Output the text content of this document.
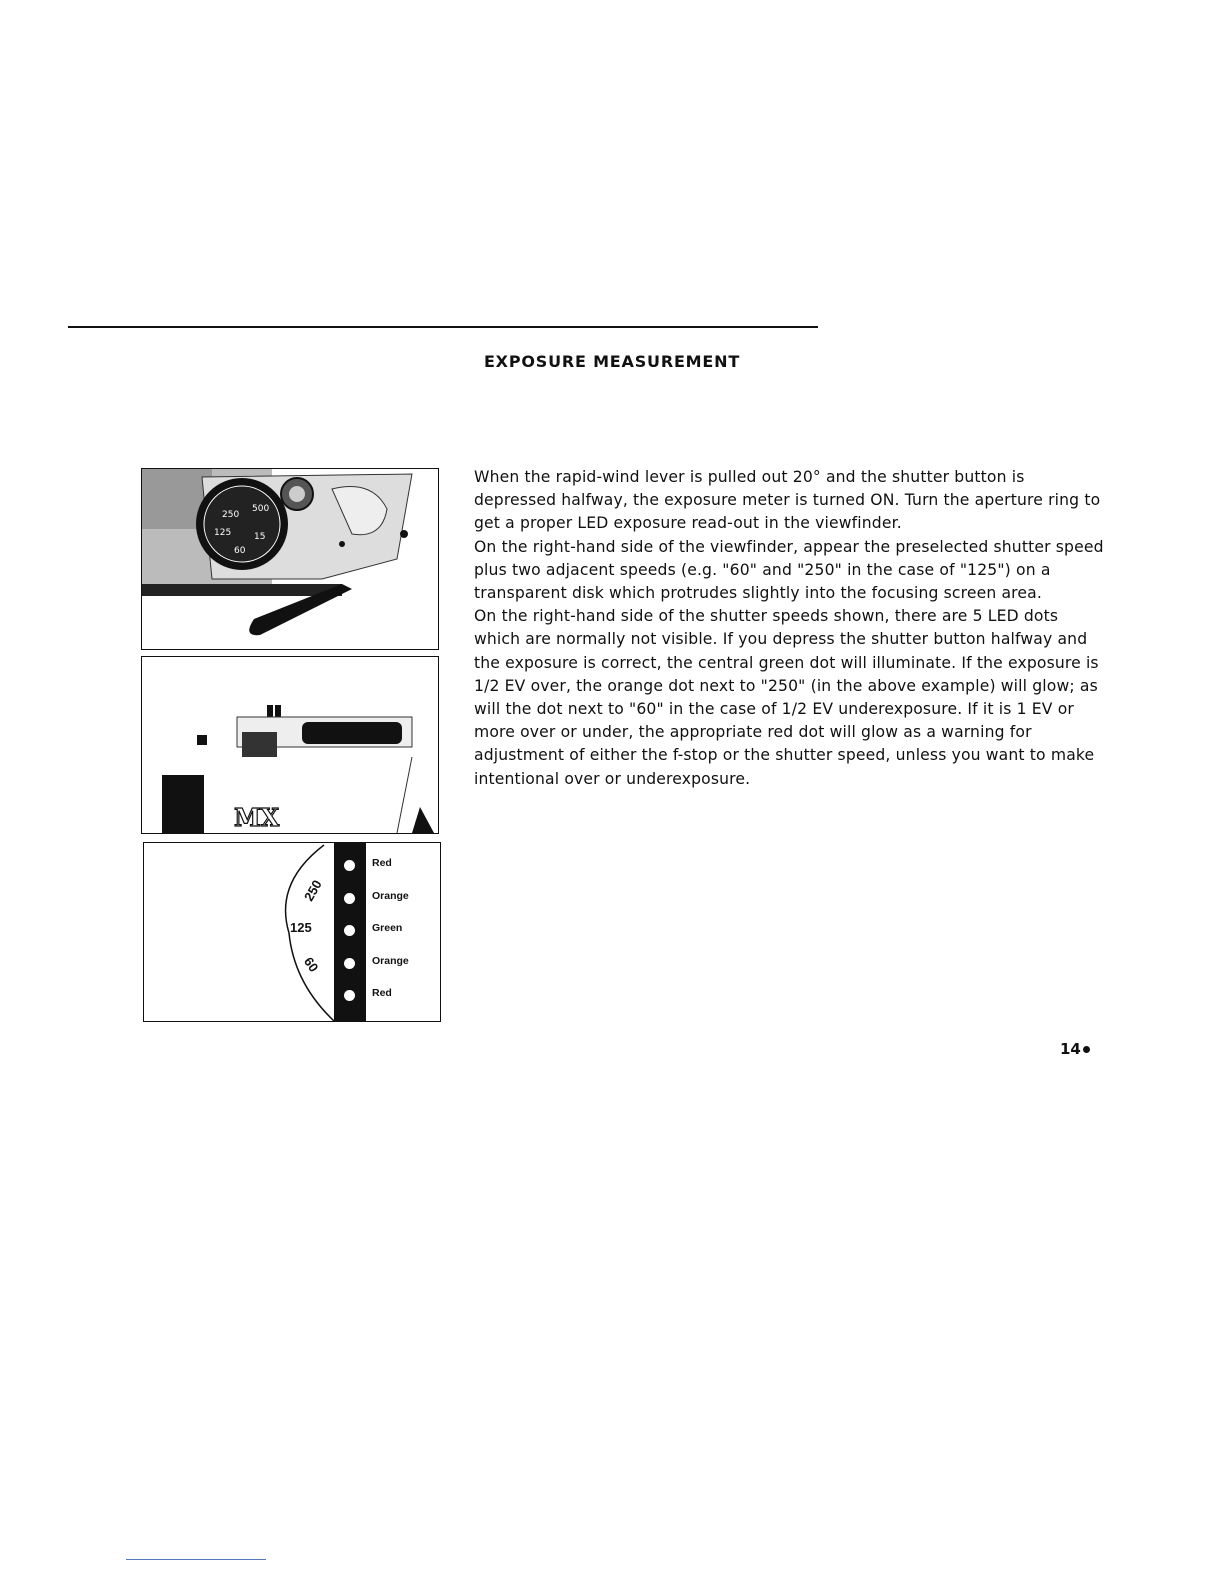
EXPOSURE MEASUREMENT
250
500
125	15
60
MX
Red
Orange
Green
Orange
Red
250
125
60

When the rapid-wind lever is pulled out 20° and the shutter button is depressed halfway, the exposure meter is turned ON. Turn the aperture ring to get a proper LED exposure read-out in the viewfinder.

On the right-hand side of the viewfinder, appear the preselected shutter speed plus two adjacent speeds (e.g. "60" and "250" in the case of "125") on a transparent disk which protrudes slightly into the focusing screen area.

On the right-hand side of the shutter speeds shown, there are 5 LED dots which are normally not visible. If you depress the shutter button halfway and the exposure is correct, the central green dot will illuminate. If the exposure is 1/2 EV over, the orange dot next to "250" (in the above example) will glow; as will the dot next to "60" in the case of 1/2 EV underexposure. If it is 1 EV or more over or under, the appropriate red dot will glow as a warning for adjustment of either the f-stop or the shutter speed, unless you want to make intentional over or underexposure.

14
